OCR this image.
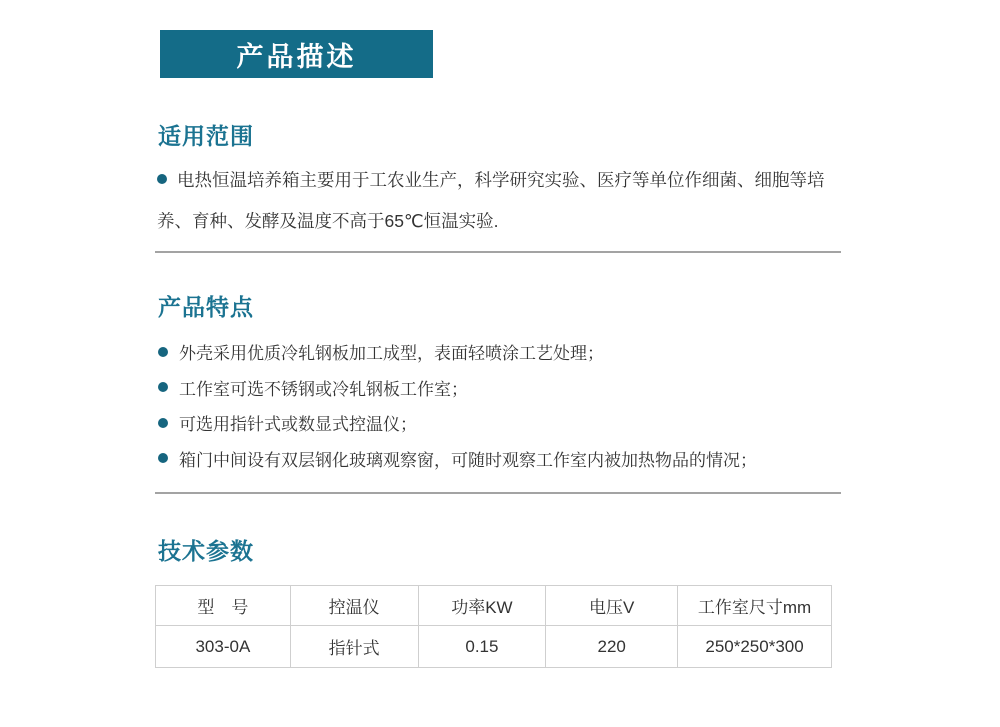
产品描述
适用范围

电热恒温培养箱主要用于工农业生产，科学研究实验、医疗等单位作细菌、细胞等培养、育种、发酵及温度不高于65℃恒温实验.

产品特点
外壳采用优质冷轧钢板加工成型，表面轻喷涂工艺处理；
工作室可选不锈钢或冷轧钢板工作室；
可选用指针式或数显式控温仪；
箱门中间设有双层钢化玻璃观察窗，可随时观察工作室内被加热物品的情况；
技术参数
型　号	控温仪	功率KW	电压V	工作室尺寸mm
303-0A	指针式	0.15	220	250*250*300
